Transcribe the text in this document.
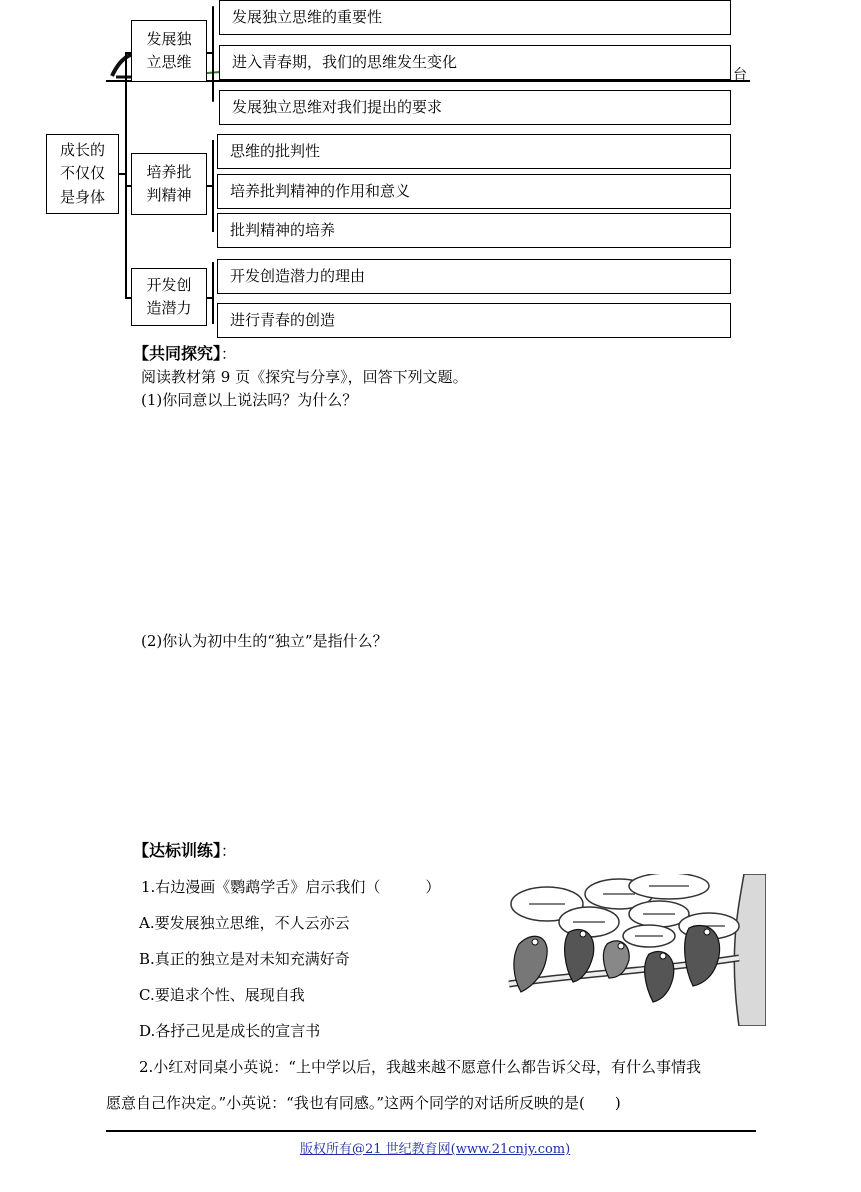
台
成长的
不仅仅
是身体
发展独
立思维
发展独立思维的重要性
进入青春期，我们的思维发生变化
发展独立思维对我们提出的要求
培养批
判精神
思维的批判性
培养批判精神的作用和意义
批判精神的培养
开发创
造潜力
开发创造潜力的理由
进行青春的创造
【共同探究】：
阅读教材第 9 页《探究与分享》，回答下列文题。
(1)你同意以上说法吗？为什么？
(2)你认为初中生的“独立”是指什么？
【达标训练】：
1.右边漫画《鹦鹉学舌》启示我们（　　　）
A.要发展独立思维，不人云亦云
B.真正的独立是对未知充满好奇
C.要追求个性、展现自我
D.各抒己见是成长的宣言书
2.小红对同桌小英说：“上中学以后，我越来越不愿意什么都告诉父母，有什么事情我
愿意自己作决定。”小英说：“我也有同感。”这两个同学的对话所反映的是(　　)
版权所有@21 世纪教育网(www.21cnjy.com)
